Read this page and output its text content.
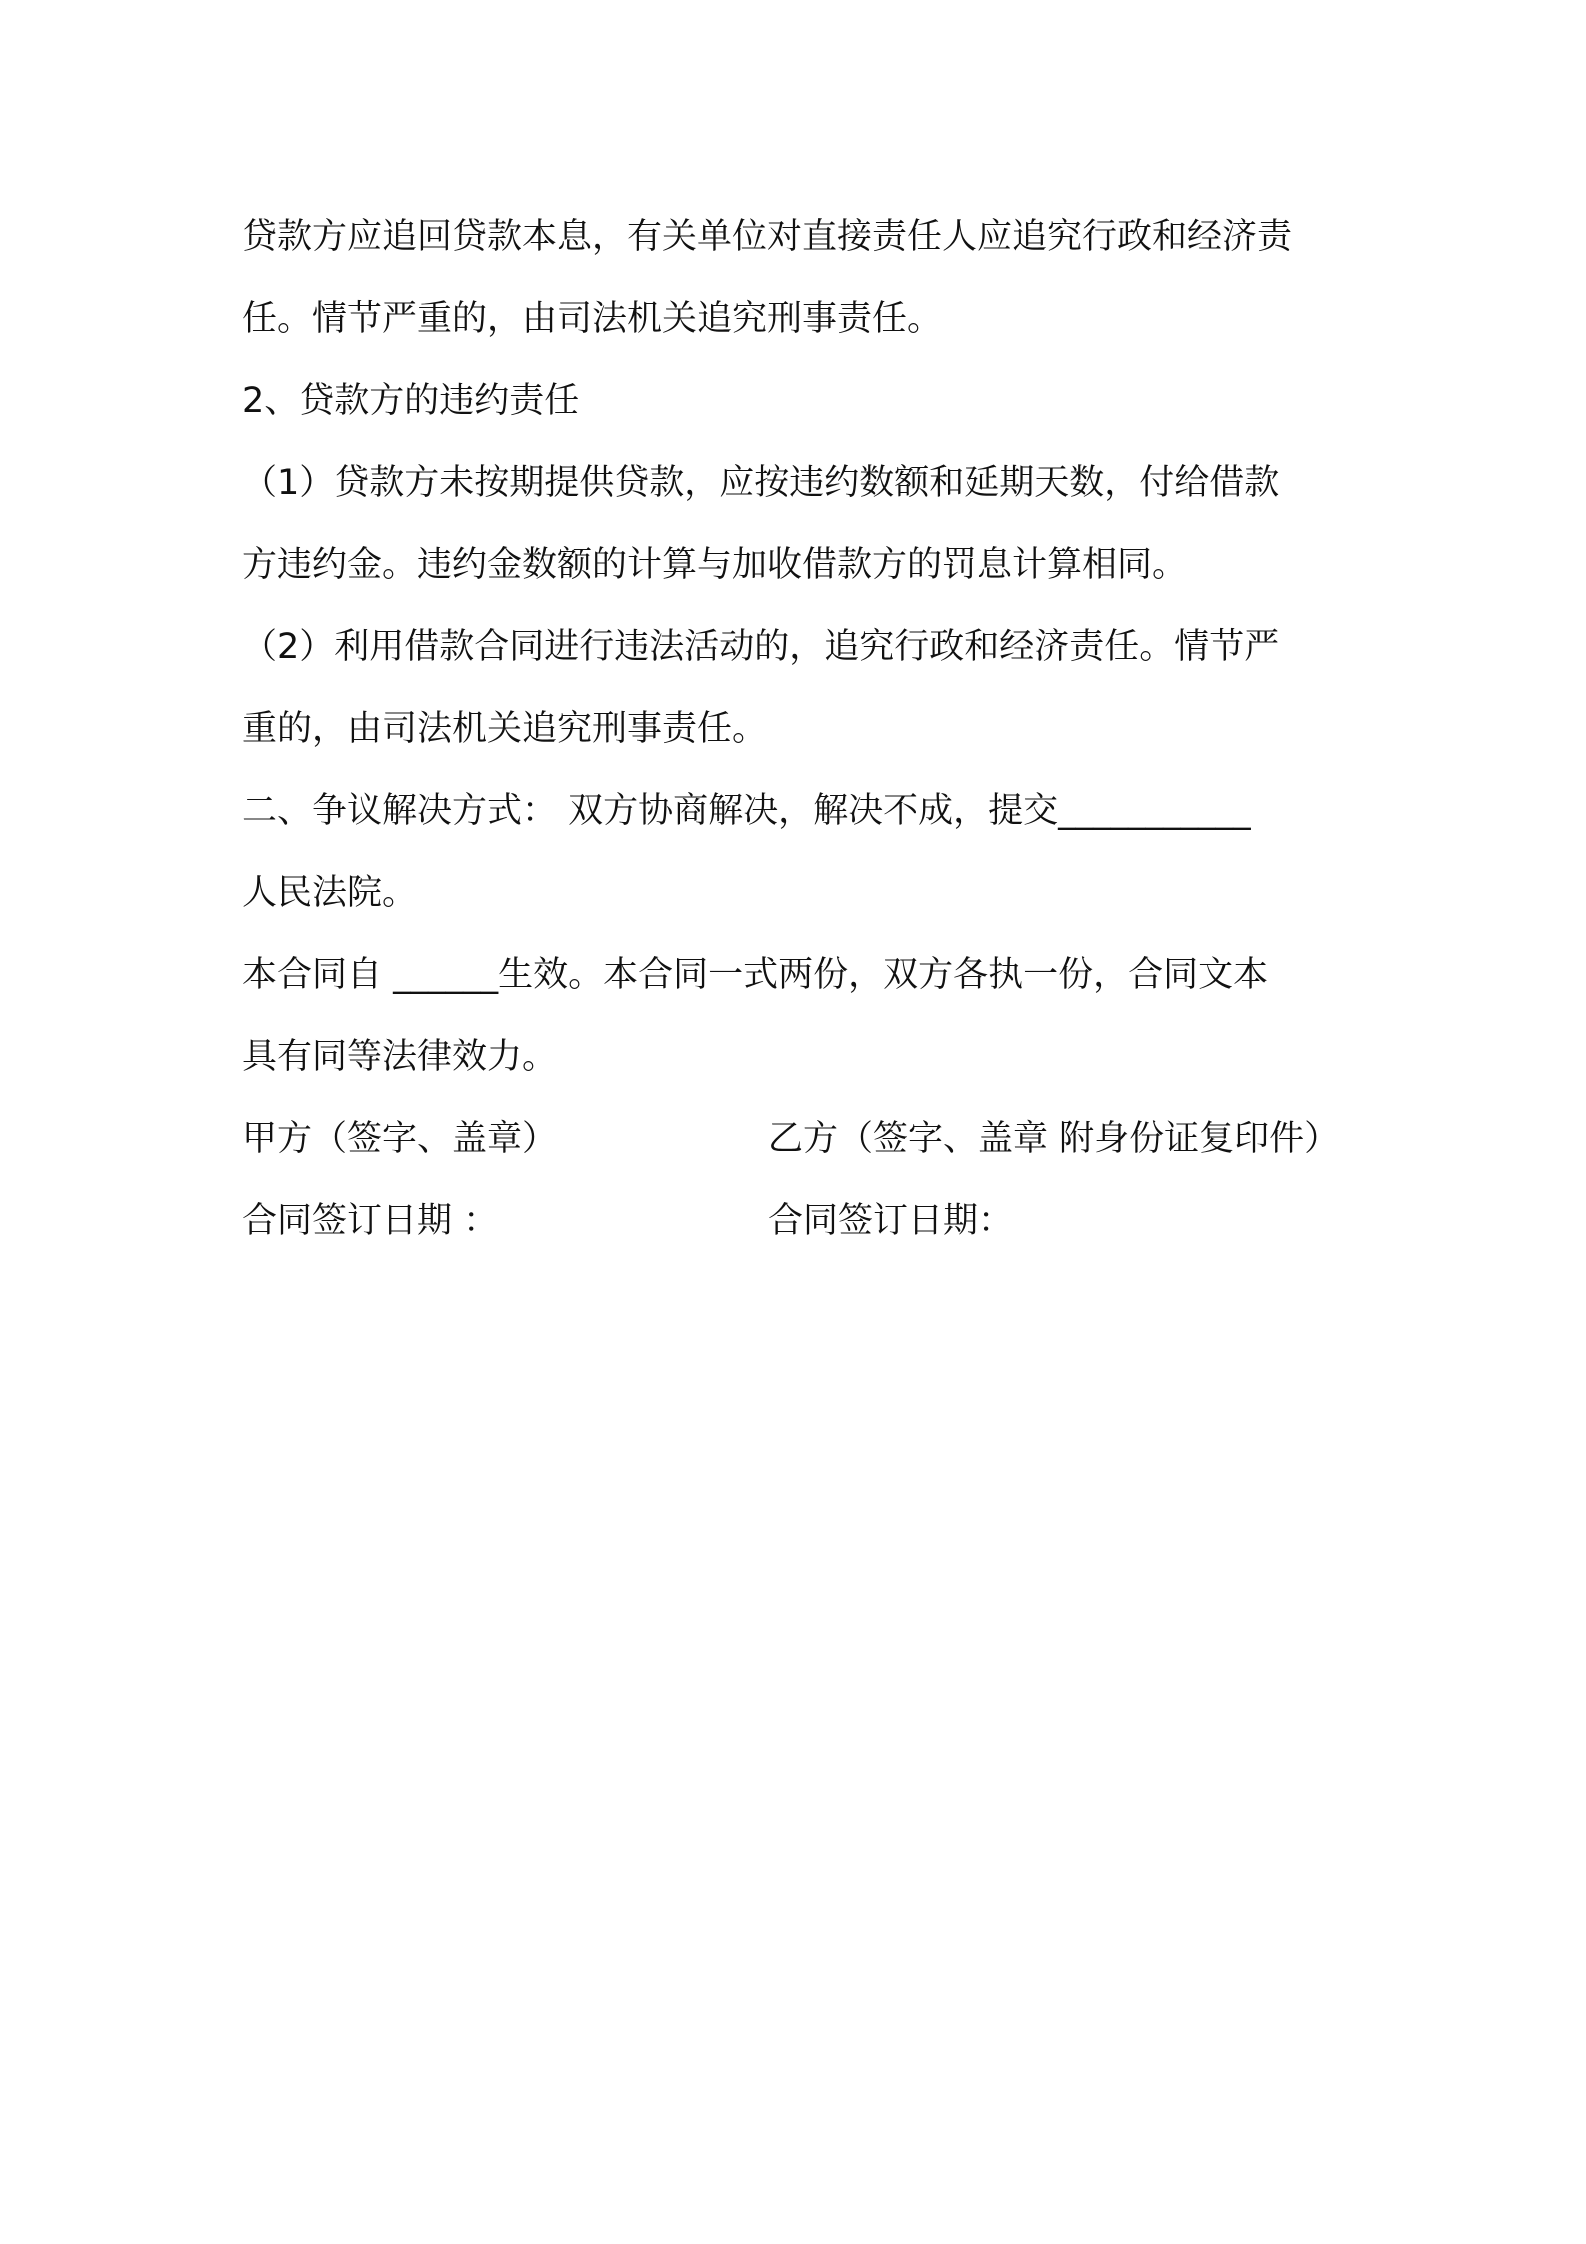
贷款方应追回贷款本息，有关单位对直接责任人应追究行政和经济责
任。情节严重的，由司法机关追究刑事责任。
2、贷款方的违约责任
（1）贷款方未按期提供贷款，应按违约数额和延期天数，付给借款
方违约金。违约金数额的计算与加收借款方的罚息计算相同。
（2）利用借款合同进行违法活动的，追究行政和经济责任。情节严
重的，由司法机关追究刑事责任。
二、争议解决方式： 双方协商解决，解决不成，提交___________
人民法院。
本合同自 ______生效。本合同一式两份，双方各执一份，合同文本
具有同等法律效力。
甲方（签字、盖章）	乙方（签字、盖章 附身份证复印件）
合同签订日期 ：	合同签订日期：
